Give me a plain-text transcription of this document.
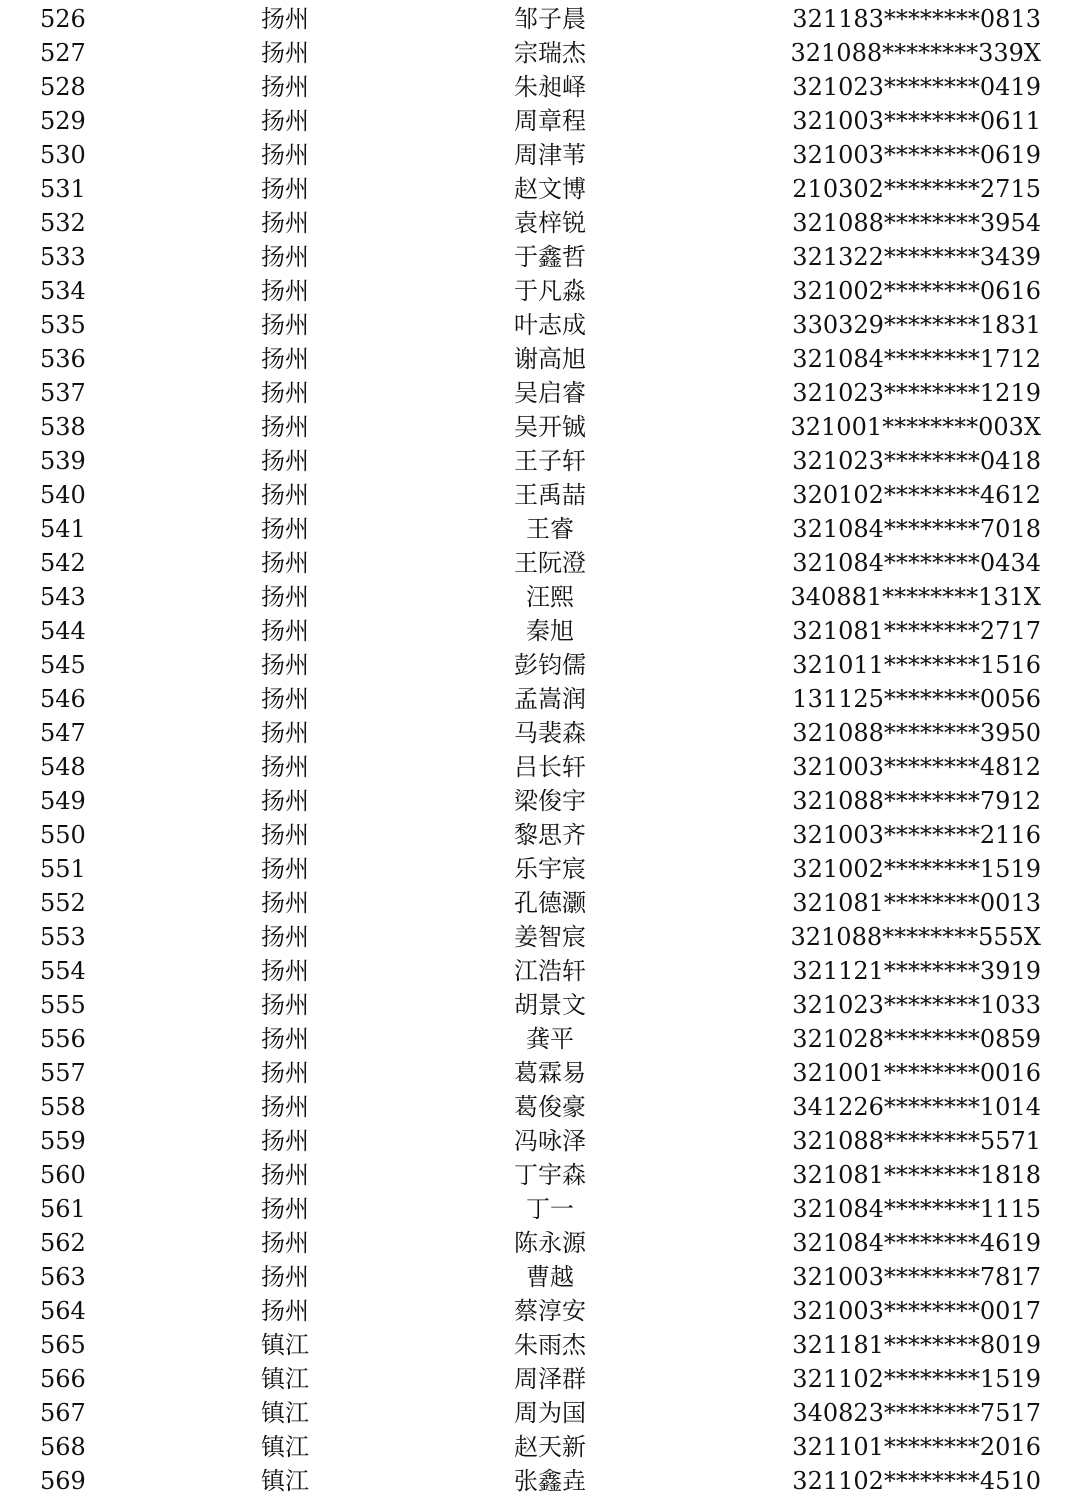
526	扬州	邹子晨	321183********0813
527	扬州	宗瑞杰	321088********339X
528	扬州	朱昶峄	321023********0419
529	扬州	周章程	321003********0611
530	扬州	周津苇	321003********0619
531	扬州	赵文博	210302********2715
532	扬州	袁梓锐	321088********3954
533	扬州	于鑫哲	321322********3439
534	扬州	于凡淼	321002********0616
535	扬州	叶志成	330329********1831
536	扬州	谢高旭	321084********1712
537	扬州	吴启睿	321023********1219
538	扬州	吴开铖	321001********003X
539	扬州	王子轩	321023********0418
540	扬州	王禹喆	320102********4612
541	扬州	王睿	321084********7018
542	扬州	王阮澄	321084********0434
543	扬州	汪熙	340881********131X
544	扬州	秦旭	321081********2717
545	扬州	彭钧儒	321011********1516
546	扬州	孟嵩润	131125********0056
547	扬州	马裴森	321088********3950
548	扬州	吕长轩	321003********4812
549	扬州	梁俊宇	321088********7912
550	扬州	黎思齐	321003********2116
551	扬州	乐宇宸	321002********1519
552	扬州	孔德灏	321081********0013
553	扬州	姜智宸	321088********555X
554	扬州	江浩轩	321121********3919
555	扬州	胡景文	321023********1033
556	扬州	龚平	321028********0859
557	扬州	葛霖易	321001********0016
558	扬州	葛俊豪	341226********1014
559	扬州	冯咏泽	321088********5571
560	扬州	丁宇森	321081********1818
561	扬州	丁一	321084********1115
562	扬州	陈永源	321084********4619
563	扬州	曹越	321003********7817
564	扬州	蔡淳安	321003********0017
565	镇江	朱雨杰	321181********8019
566	镇江	周泽群	321102********1519
567	镇江	周为国	340823********7517
568	镇江	赵天新	321101********2016
569	镇江	张鑫垚	321102********4510
